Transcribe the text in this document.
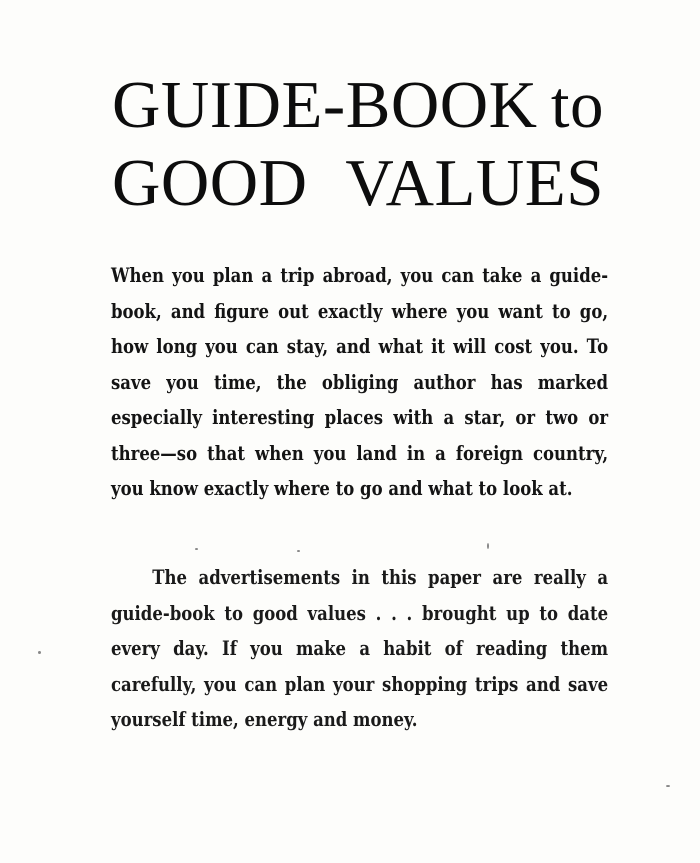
GUIDE-BOOK to
GOOD VALUES

When you plan a trip abroad, you can take a guide-book, and figure out exactly where you want to go, how long you can stay, and what it will cost you. To save you time, the obliging author has marked especially interesting places with a star, or two or three—so that when you land in a foreign country, you know exactly where to go and what to look at.

The advertisements in this paper are really a guide-book to good values . . . brought up to date every day. If you make a habit of reading them carefully, you can plan your shopping trips and save yourself time, energy and money.
